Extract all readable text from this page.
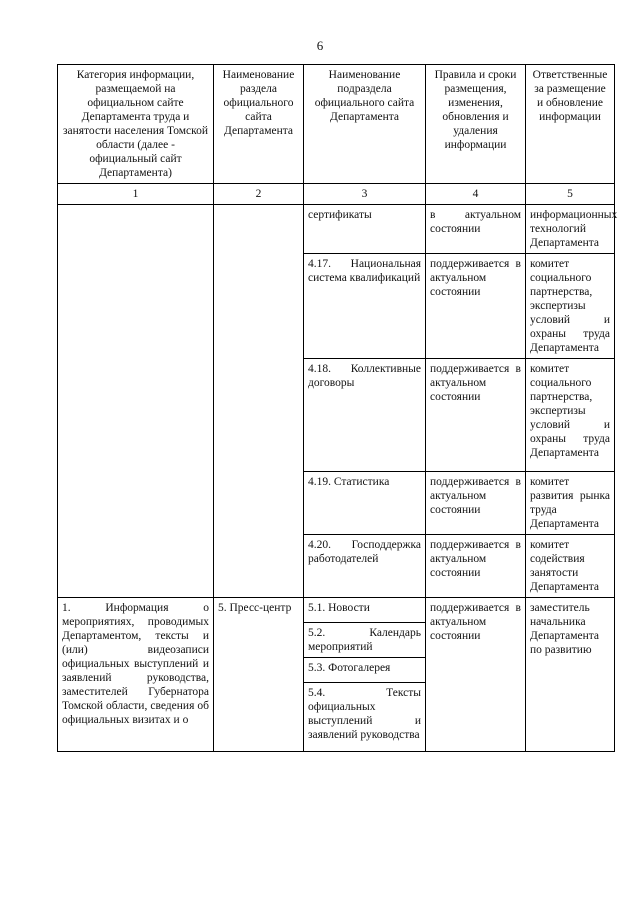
6
Категория информации, размещаемой на официальном сайте Департамента труда и занятости населения Томской области (далее - официальный сайт Департамента)	Наименование раздела официального сайта Департамента	Наименование подраздела официального сайта Департамента	Правила и сроки размещения, изменения, обновления и удаления информации	Ответственные за размещение и обновление информации
1	2	3	4	5
		сертификаты	в актуальном состоянии	информационных технологий Департамента
		4.17. Национальная система квалификаций	поддерживается в актуальном состоянии	комитет социального партнерства, экспертизы условий и охраны труда Департамента
		4.18. Коллективные договоры	поддерживается в актуальном состоянии	комитет социального партнерства, экспертизы условий и охраны труда Департамента
		4.19. Статистика	поддерживается в актуальном состоянии	комитет развития рынка труда Департамента
		4.20. Господдержка работодателей	поддерживается в актуальном состоянии	комитет содействия занятости Департамента
1. Информация о мероприятиях, проводимых Департаментом, тексты и (или) видеозаписи официальных выступлений и заявлений руководства, заместителей Губернатора Томской области, сведения об официальных визитах и о	5. Пресс-центр	5.1. Новости	поддерживается в актуальном состоянии	заместитель начальника Департамента по развитию
		5.2. Календарь мероприятий		
		5.3. Фотогалерея		
		5.4. Тексты официальных выступлений и заявлений руководства		
